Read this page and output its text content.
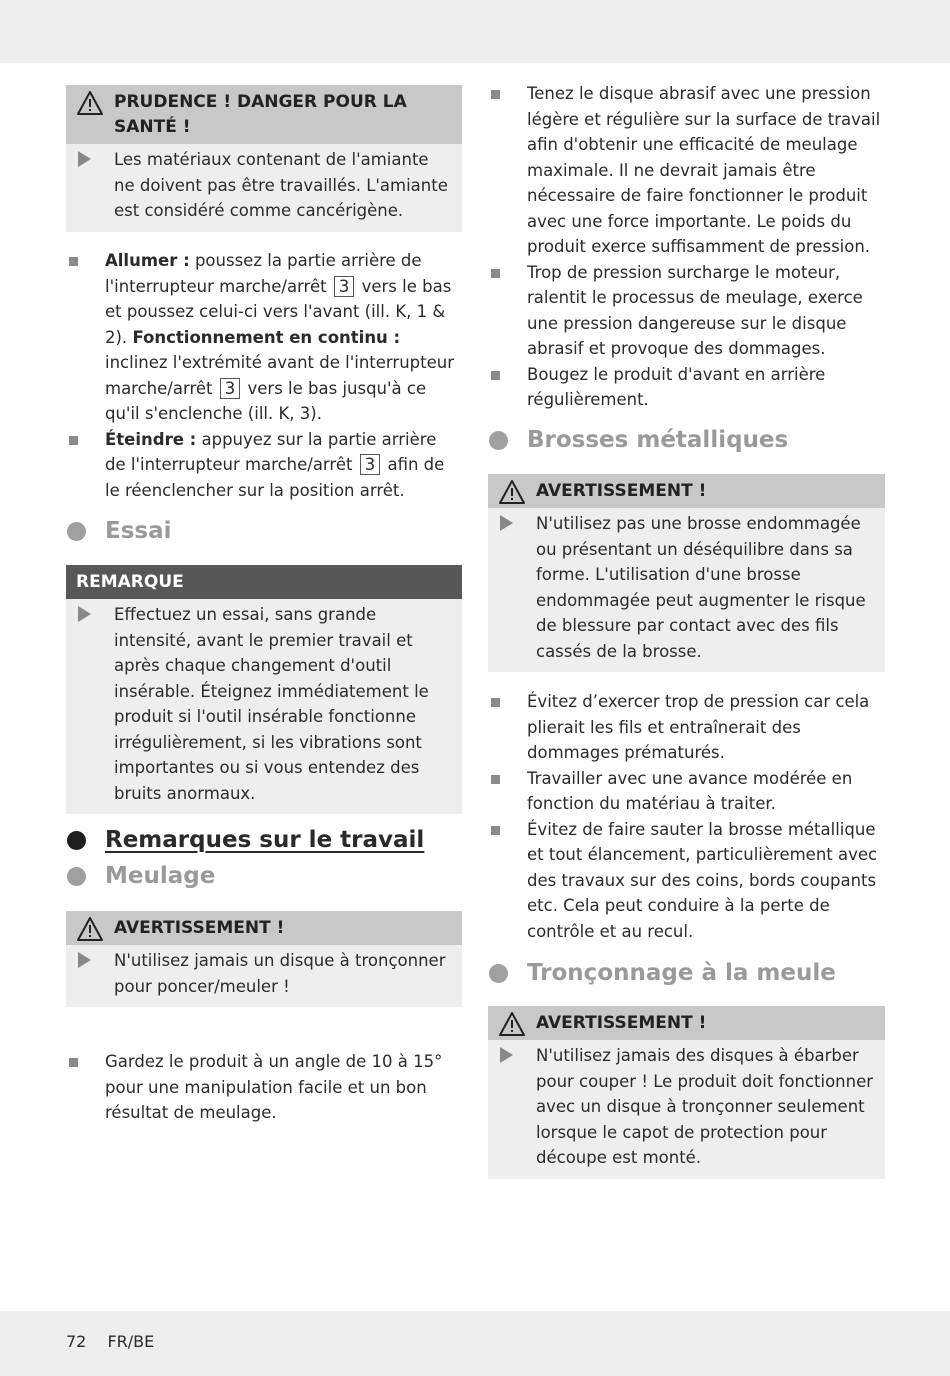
PRUDENCE ! DANGER POUR LA SANTÉ !
Les matériaux contenant de l'amiante ne doivent pas être travaillés. L'amiante est considéré comme cancérigène.
Allumer : poussez la partie arrière de l'interrupteur marche/arrêt 3 vers le bas et poussez celui-ci vers l'avant (ill. K, 1 & 2). Fonctionnement en continu : inclinez l'extrémité avant de l'interrupteur marche/arrêt 3 vers le bas jusqu'à ce qu'il s'enclenche (ill. K, 3).
Éteindre : appuyez sur la partie arrière de l'interrupteur marche/arrêt 3 afin de le réenclencher sur la position arrêt.
Essai
REMARQUE
Effectuez un essai, sans grande intensité, avant le premier travail et après chaque changement d'outil insérable. Éteignez immédiatement le produit si l'outil insérable fonctionne irrégulièrement, si les vibrations sont importantes ou si vous entendez des bruits anormaux.
Remarques sur le travail
Meulage
AVERTISSEMENT !
N'utilisez jamais un disque à tronçonner pour poncer/meuler !
Gardez le produit à un angle de 10 à 15° pour une manipulation facile et un bon résultat de meulage.
Tenez le disque abrasif avec une pression légère et régulière sur la surface de travail afin d'obtenir une efficacité de meulage maximale. Il ne devrait jamais être nécessaire de faire fonctionner le produit avec une force importante. Le poids du produit exerce suffisamment de pression.
Trop de pression surcharge le moteur, ralentit le processus de meulage, exerce une pression dangereuse sur le disque abrasif et provoque des dommages.
Bougez le produit d'avant en arrière régulièrement.
Brosses métalliques
AVERTISSEMENT !
N'utilisez pas une brosse endommagée ou présentant un déséquilibre dans sa forme. L'utilisation d'une brosse endommagée peut augmenter le risque de blessure par contact avec des fils cassés de la brosse.
Évitez d’exercer trop de pression car cela plierait les fils et entraînerait des dommages prématurés.
Travailler avec une avance modérée en fonction du matériau à traiter.
Évitez de faire sauter la brosse métallique et tout élancement, particulièrement avec des travaux sur des coins, bords coupants etc. Cela peut conduire à la perte de contrôle et au recul.
Tronçonnage à la meule
AVERTISSEMENT !
N'utilisez jamais des disques à ébarber pour couper ! Le produit doit fonctionner avec un disque à tronçonner seulement lorsque le capot de protection pour découpe est monté.
72 FR/BE
